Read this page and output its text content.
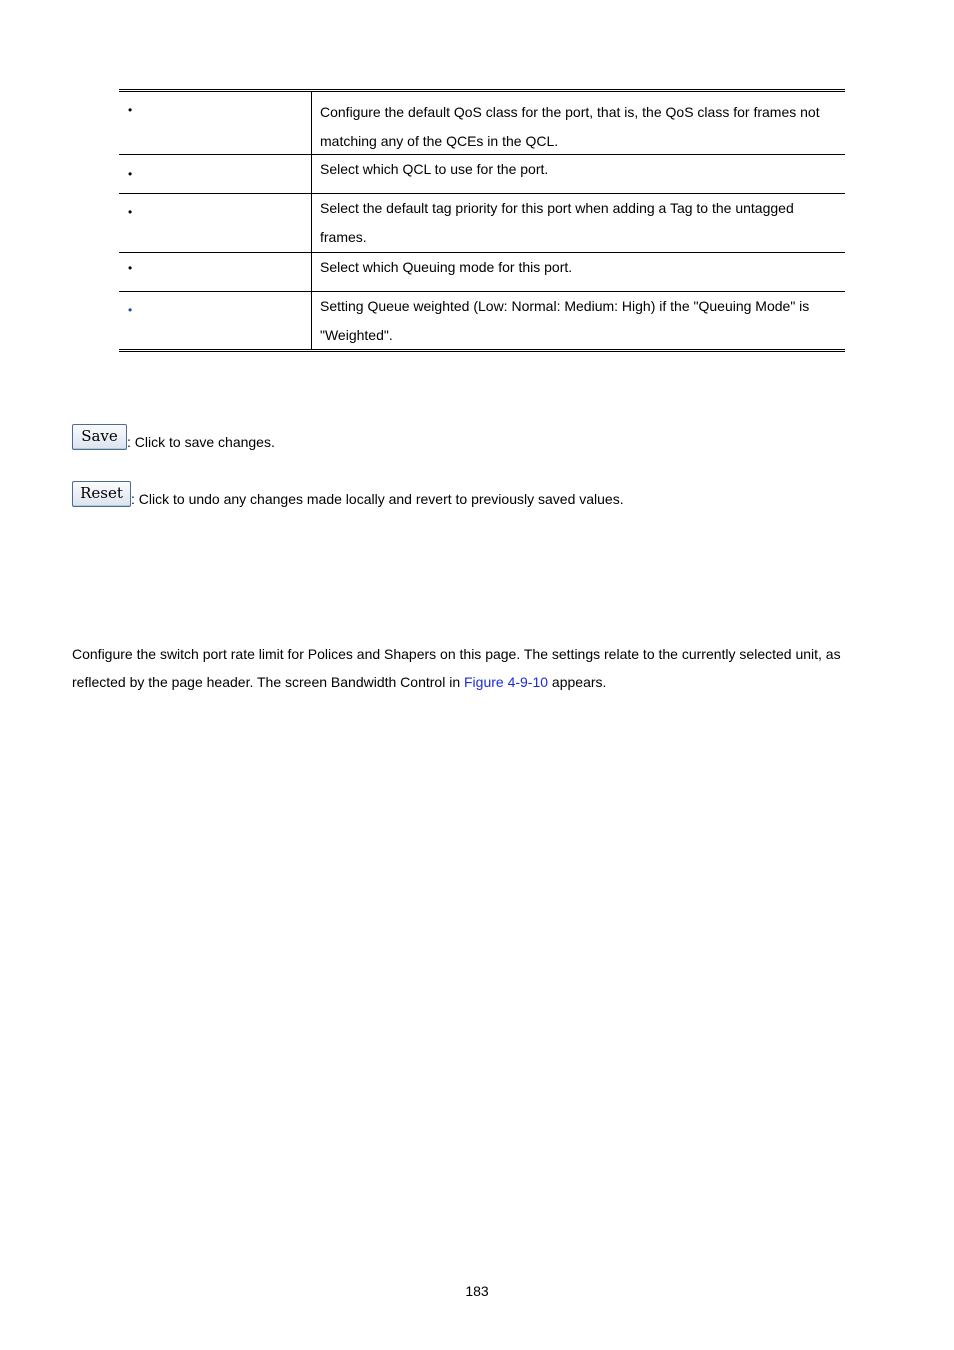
•	Configure the default QoS class for the port, that is, the QoS class for frames not matching any of the QCEs in the QCL.
•	Select which QCL to use for the port.
•	Select the default tag priority for this port when adding a Tag to the untagged frames.
•	Select which Queuing mode for this port.
•	Setting Queue weighted (Low: Normal: Medium: High) if the "Queuing Mode" is "Weighted".
Save : Click to save changes.
Reset : Click to undo any changes made locally and revert to previously saved values.
Configure the switch port rate limit for Polices and Shapers on this page. The settings relate to the currently selected unit, as reflected by the page header. The screen Bandwidth Control in Figure 4-9-10 appears.
183
